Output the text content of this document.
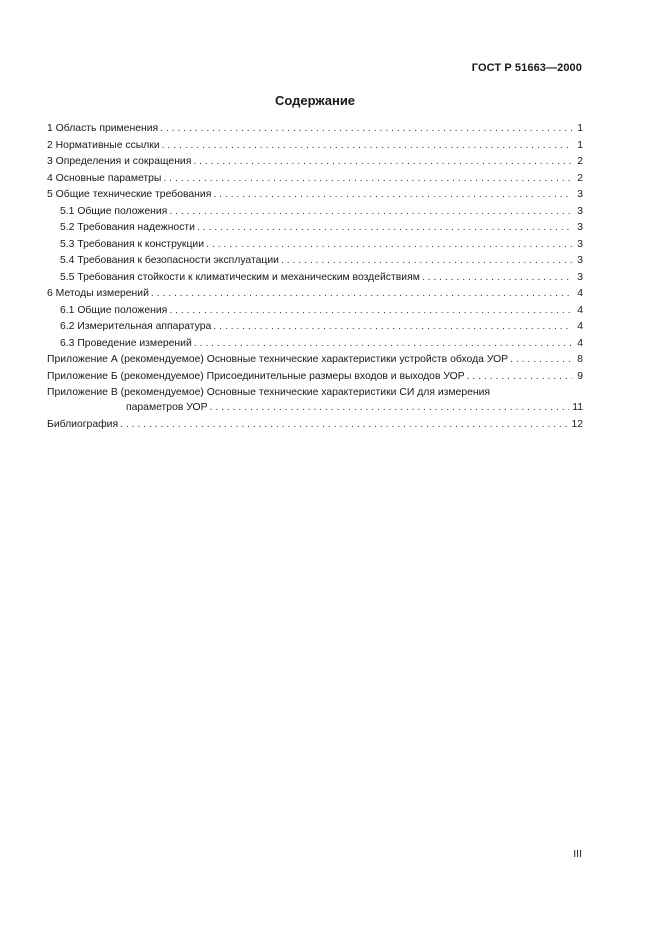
ГОСТ Р 51663—2000
Содержание
1 Область применения . . .	1
2 Нормативные ссылки . . .	1
3 Определения и сокращения . . .	2
4 Основные параметры . . .	2
5 Общие технические требования . . .	3
5.1 Общие положения . . .	3
5.2 Требования надежности . . .	3
5.3 Требования к конструкции . . .	3
5.4 Требования к безопасности эксплуатации . . .	3
5.5 Требования стойкости к климатическим и механическим воздействиям . . .	3
6 Методы измерений . . .	4
6.1 Общие положения . . .	4
6.2 Измерительная аппаратура . . .	4
6.3 Проведение измерений . . .	4
Приложение А (рекомендуемое) Основные технические характеристики устройств обхода УОР . . .	8
Приложение Б (рекомендуемое) Присоединительные размеры входов и выходов УОР . . .	9
Приложение В (рекомендуемое) Основные технические характеристики СИ для измерения
параметров УОР . . .	11
Библиография . . .	12
III
